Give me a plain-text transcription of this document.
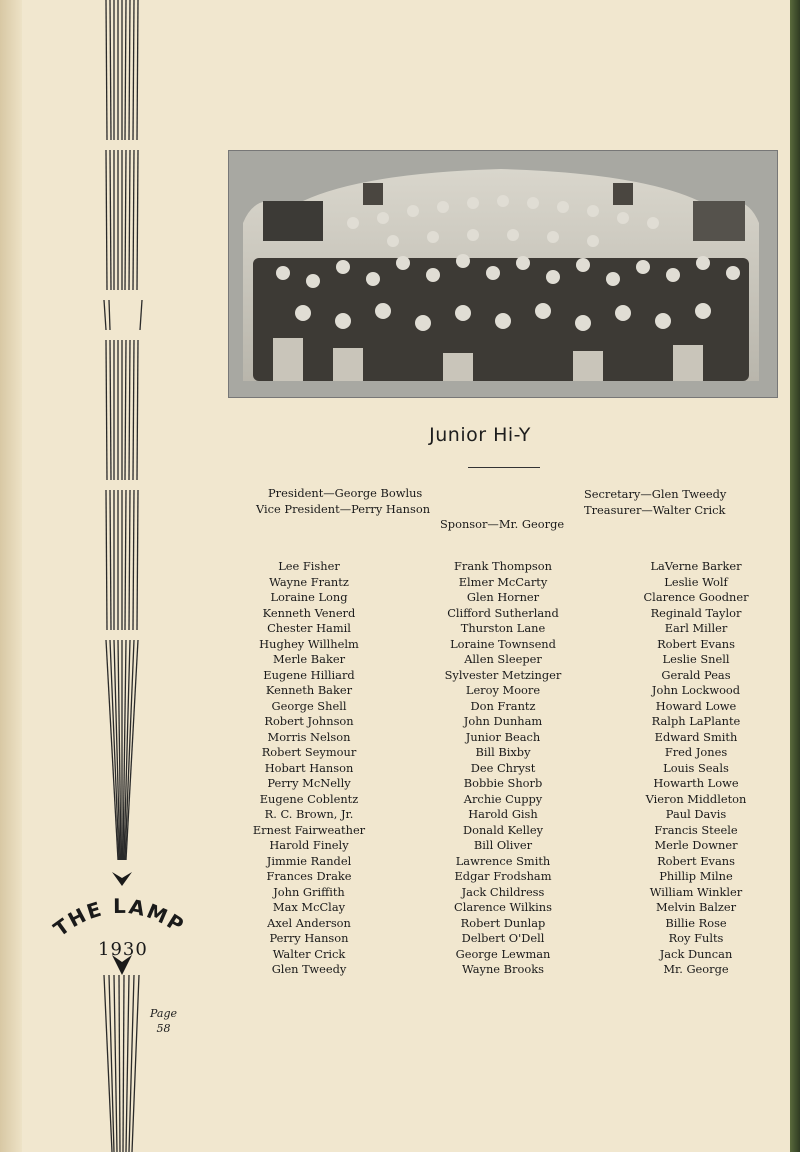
Junior Hi-Y
President—George Bowlus
Vice President—Perry Hanson
Secretary—Glen Tweedy
Treasurer—Walter Crick
Sponsor—Mr. George
Lee Fisher
Wayne Frantz
Loraine Long
Kenneth Venerd
Chester Hamil
Hughey Willhelm
Merle Baker
Eugene Hilliard
Kenneth Baker
George Shell
Robert Johnson
Morris Nelson
Robert Seymour
Hobart Hanson
Perry McNelly
Eugene Coblentz
R. C. Brown, Jr.
Ernest Fairweather
Harold Finely
Jimmie Randel
Frances Drake
John Griffith
Max McClay
Axel Anderson
Perry Hanson
Walter Crick
Glen Tweedy
Frank Thompson
Elmer McCarty
Glen Horner
Clifford Sutherland
Thurston Lane
Loraine Townsend
Allen Sleeper
Sylvester Metzinger
Leroy Moore
Don Frantz
John Dunham
Junior Beach
Bill Bixby
Dee Chryst
Bobbie Shorb
Archie Cuppy
Harold Gish
Donald Kelley
Bill Oliver
Lawrence Smith
Edgar Frodsham
Jack Childress
Clarence Wilkins
Robert Dunlap
Delbert O'Dell
George Lewman
Wayne Brooks
LaVerne Barker
Leslie Wolf
Clarence Goodner
Reginald Taylor
Earl Miller
Robert Evans
Leslie Snell
Gerald Peas
John Lockwood
Howard Lowe
Ralph LaPlante
Edward Smith
Fred Jones
Louis Seals
Howarth Lowe
Vieron Middleton
Paul Davis
Francis Steele
Merle Downer
Robert Evans
Phillip Milne
William Winkler
Melvin Balzer
Billie Rose
Roy Fults
Jack Duncan
Mr. George
THE LAMP
1930
Page
58
